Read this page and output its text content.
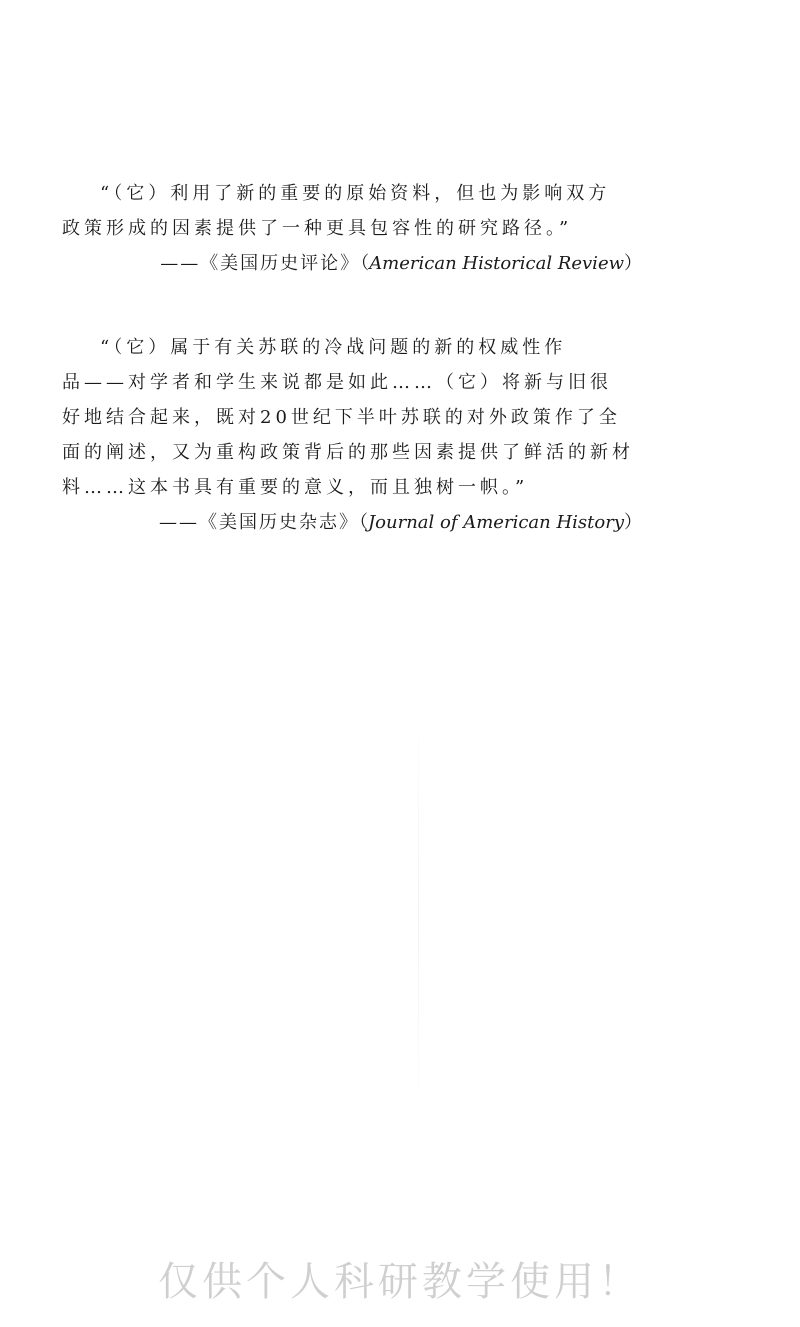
“（它）利用了新的重要的原始资料，但也为影响双方
政策形成的因素提供了一种更具包容性的研究路径。”
——《美国历史评论》（American Historical Review）
“（它）属于有关苏联的冷战问题的新的权威性作
品——对学者和学生来说都是如此……（它）将新与旧很
好地结合起来，既对20世纪下半叶苏联的对外政策作了全
面的阐述，又为重构政策背后的那些因素提供了鲜活的新材
料……这本书具有重要的意义，而且独树一帜。”
——《美国历史杂志》（Journal of American History）
仅供个人科研教学使用！
